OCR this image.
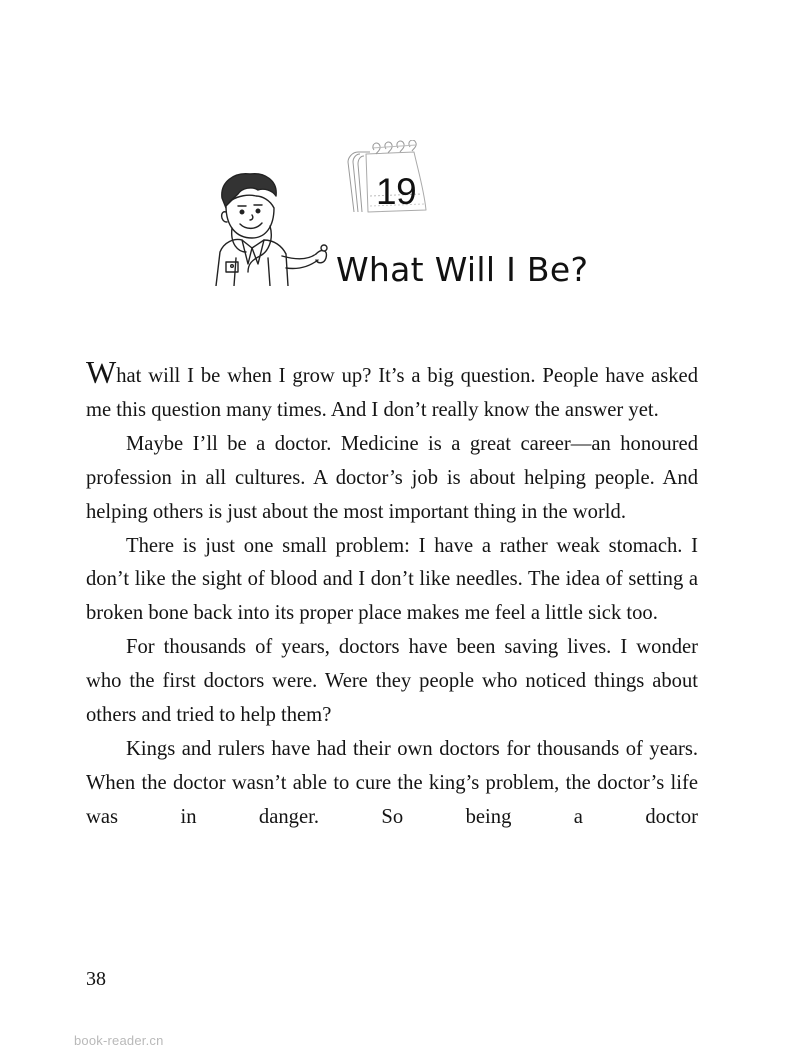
19
What Will I Be?

What will I be when I grow up? It’s a big question. People have asked me this question many times. And I don’t really know the answer yet.

Maybe I’ll be a doctor. Medicine is a great career—an honoured profession in all cultures. A doctor’s job is about helping people. And helping others is just about the most important thing in the world.

There is just one small problem: I have a rather weak stomach. I don’t like the sight of blood and I don’t like needles. The idea of setting a broken bone back into its proper place makes me feel a little sick too.

For thousands of years, doctors have been saving lives. I wonder who the first doctors were. Were they people who noticed things about others and tried to help them?

Kings and rulers have had their own doctors for thousands of years. When the doctor wasn’t able to cure the king’s problem, the doctor’s life was in danger. So being a doctor

38
book-reader.cn
